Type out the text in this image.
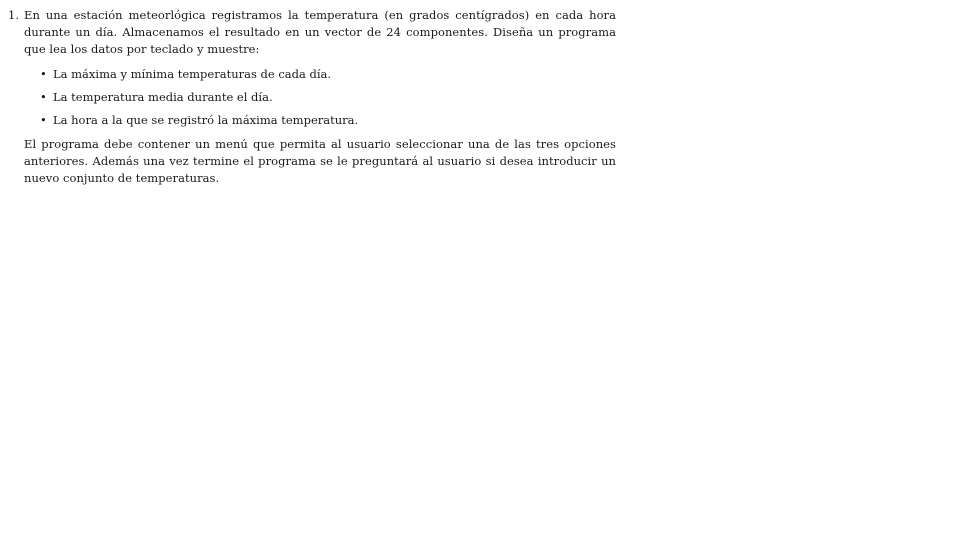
1. En una estación meteorlógica registramos la temperatura (en grados centígrados) en cada hora durante un día. Almacenamos el resultado en un vector de 24 componentes. Diseña un programa que lea los datos por teclado y muestre:

• La máxima y mínima temperaturas de cada día.
• La temperatura media durante el día.
• La hora a la que se registró la máxima temperatura.

El programa debe contener un menú que permita al usuario seleccionar una de las tres opciones anteriores. Además una vez termine el programa se le preguntará al usuario si desea introducir un nuevo conjunto de temperaturas.
